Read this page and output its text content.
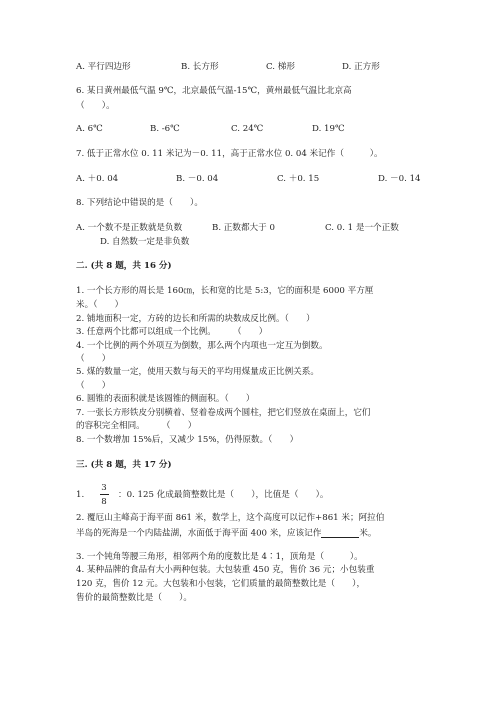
A. 平行四边形	B. 长方形	C. 梯形	D. 正方形
6. 某日黄州最低气温 9℃，北京最低气温-15℃，黄州最低气温比北京高
（　　）。
A. 6℃	B. -6℃	C. 24℃	D. 19℃
7. 低于正常水位 0. 11 米记为－0. 11，高于正常水位 0. 04 米记作（　　　）。
A. ＋0. 04	B. －0. 04	C. ＋0. 15	D. －0. 14
8. 下列结论中错误的是（　　）。
A. 一个数不是正数就是负数	B. 正数都大于 0	C. 0. 1 是一个正数
D. 自然数一定是非负数
二. (共 8 题，共 16 分)
1. 一个长方形的周长是 160㎝，长和宽的比是 5:3，它的面积是 6000 平方厘
米。（　　）
2. 铺地面积一定，方砖的边长和所需的块数成反比例。（　　）
3. 任意两个比都可以组成一个比例。　　　（　　）
4. 一个比例的两个外项互为倒数，那么两个内项也一定互为倒数。
（　　）
5. 煤的数量一定，使用天数与每天的平均用煤量成正比例关系。
（　　）
6. 圆锥的表面积就是该圆锥的侧面积。（　　）
7. 一张长方形铁皮分别横着、竖着卷成两个圆柱，把它们竖放在桌面上，它们
的容积完全相同。　　　（　　）
8. 一个数增加 15%后，又减少 15%，仍得原数。（　　）
三. (共 8 题，共 17 分)
1.
3
8
：0. 125 化成最简整数比是（　　），比值是（　　）。
2. 覆厄山主峰高于海平面 861 米，数学上，这个高度可以记作+861 米；阿拉伯
半岛的死海是一个内陆盐湖，水面低于海平面 400 米，应该记作	米。
3. 一个钝角等腰三角形，相邻两个角的度数比是 4∶1，顶角是（　　　）。
4. 某种品牌的食品有大小两种包装。大包装重 450 克，售价 36 元；小包装重
120 克，售价 12 元。大包装和小包装，它们质量的最简整数比是（　　），
售价的最简整数比是（　　）。
